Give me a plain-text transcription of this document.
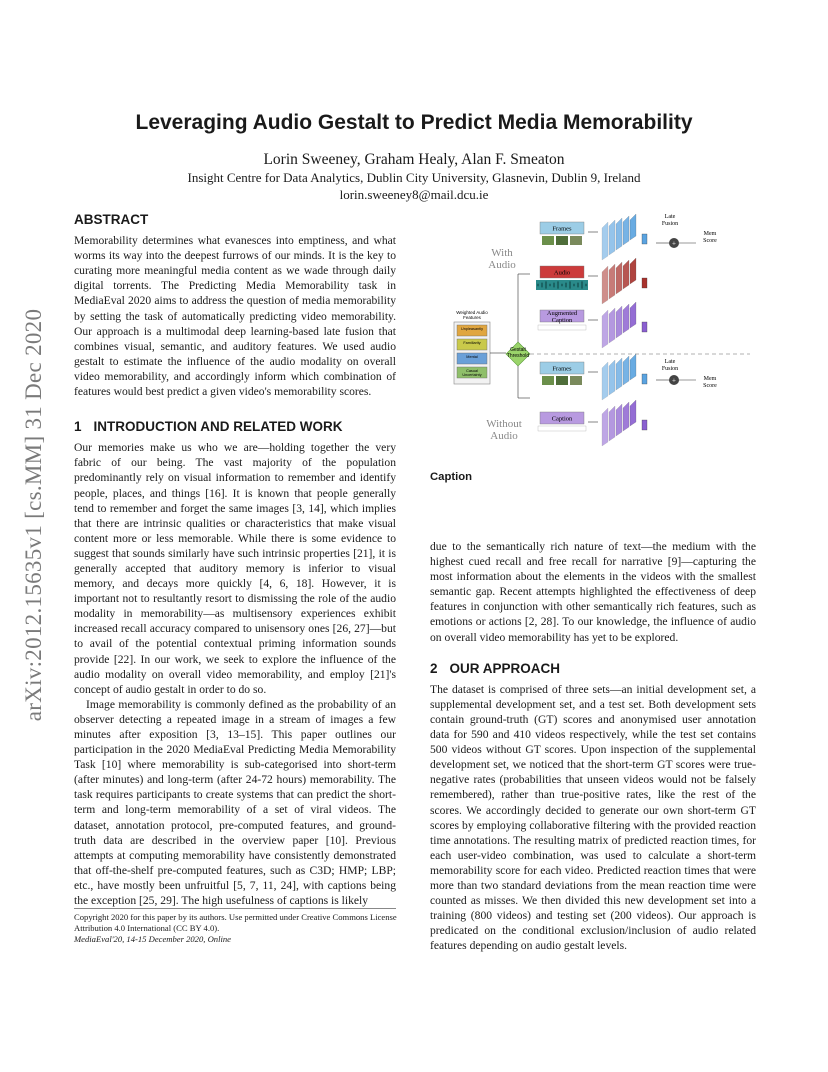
arXiv:2012.15635v1 [cs.MM] 31 Dec 2020
Leveraging Audio Gestalt to Predict Media Memorability
Lorin Sweeney, Graham Healy, Alan F. Smeaton
Insight Centre for Data Analytics, Dublin City University, Glasnevin, Dublin 9, Ireland
lorin.sweeney8@mail.dcu.ie
ABSTRACT

Memorability determines what evanesces into emptiness, and what worms its way into the deepest furrows of our minds. It is the key to curating more meaningful media content as we wade through daily digital torrents. The Predicting Media Memorability task in MediaEval 2020 aims to address the question of media memorability by setting the task of automatically predicting video memorability. Our approach is a multimodal deep learning-based late fusion that combines visual, semantic, and auditory features. We used audio gestalt to estimate the influence of the audio modality on overall video memorability, and accordingly inform which combination of features would best predict a given video's memorability scores.

1 INTRODUCTION AND RELATED WORK

Our memories make us who we are—holding together the very fabric of our being. The vast majority of the population predominantly rely on visual information to remember and identify people, places, and things [16]. It is known that people generally tend to remember and forget the same images [3, 14], which implies that there are intrinsic qualities or characteristics that make visual content more or less memorable. While there is some evidence to suggest that sounds similarly have such intrinsic properties [21], it is generally accepted that auditory memory is inferior to visual memory, and decays more quickly [4, 6, 18]. However, it is important not to resultantly resort to dismissing the role of the audio modality in memorability—as multisensory experiences exhibit increased recall accuracy compared to unisensory ones [26, 27]—but to avail of the potential contextual priming information sounds provide [22]. In our work, we seek to explore the influence of the audio modality on overall video memorability, and employ [21]'s concept of audio gestalt in order to do so.

Image memorability is commonly defined as the probability of an observer detecting a repeated image in a stream of images a few minutes after exposition [3, 13–15]. This paper outlines our participation in the 2020 MediaEval Predicting Media Memorability Task [10] where memorability is sub-categorised into short-term (after minutes) and long-term (after 24-72 hours) memorability. The task requires participants to create systems that can predict the short-term and long-term memorability of a set of viral videos. The dataset, annotation protocol, pre-computed features, and ground-truth data are described in the overview paper [10]. Previous attempts at computing memorability have consistently demonstrated that off-the-shelf pre-computed features, such as C3D; HMP; LBP; etc., have mostly been unfruitful [5, 7, 11, 24], with captions being the exception [25, 29]. The high usefulness of captions is likely

Copyright 2020 for this paper by its authors. Use permitted under Creative Commons License Attribution 4.0 International (CC BY 4.0).
MediaEval'20, 14-15 December 2020, Online
With Audio
Without Audio
Weighted Audio Features
Unpleasantly
Familiarity
Mental
Casual Uncertainty
Gestalt Threshold
Frames
Audio
Augmented Caption
Frames
Caption
+
+
Late Fusion
Late Fusion
Mem Score
Mem Score
Caption

due to the semantically rich nature of text—the medium with the highest cued recall and free recall for narrative [9]—capturing the most information about the elements in the videos with the smallest semantic gap. Recent attempts highlighted the effectiveness of deep features in conjunction with other semantically rich features, such as emotions or actions [2, 28]. To our knowledge, the influence of audio on overall video memorability has yet to be explored.

2 OUR APPROACH

The dataset is comprised of three sets—an initial development set, a supplemental development set, and a test set. Both development sets contain ground-truth (GT) scores and anonymised user annotation data for 590 and 410 videos respectively, while the test set contains 500 videos without GT scores. Upon inspection of the supplemental development set, we noticed that the short-term GT scores were true-negative rates (probabilities that unseen videos would not be falsely remembered), rather than true-positive rates, like the rest of the scores. We accordingly decided to generate our own short-term GT scores by employing collaborative filtering with the provided reaction time annotations. The resulting matrix of predicted reaction times, for each user-video combination, was used to calculate a short-term memorability score for each video. Predicted reaction times that were more than two standard deviations from the mean reaction time were counted as misses. We then divided this new development set into a training (800 videos) and testing set (200 videos). Our approach is predicated on the conditional exclusion/inclusion of audio related features depending on audio gestalt levels.
